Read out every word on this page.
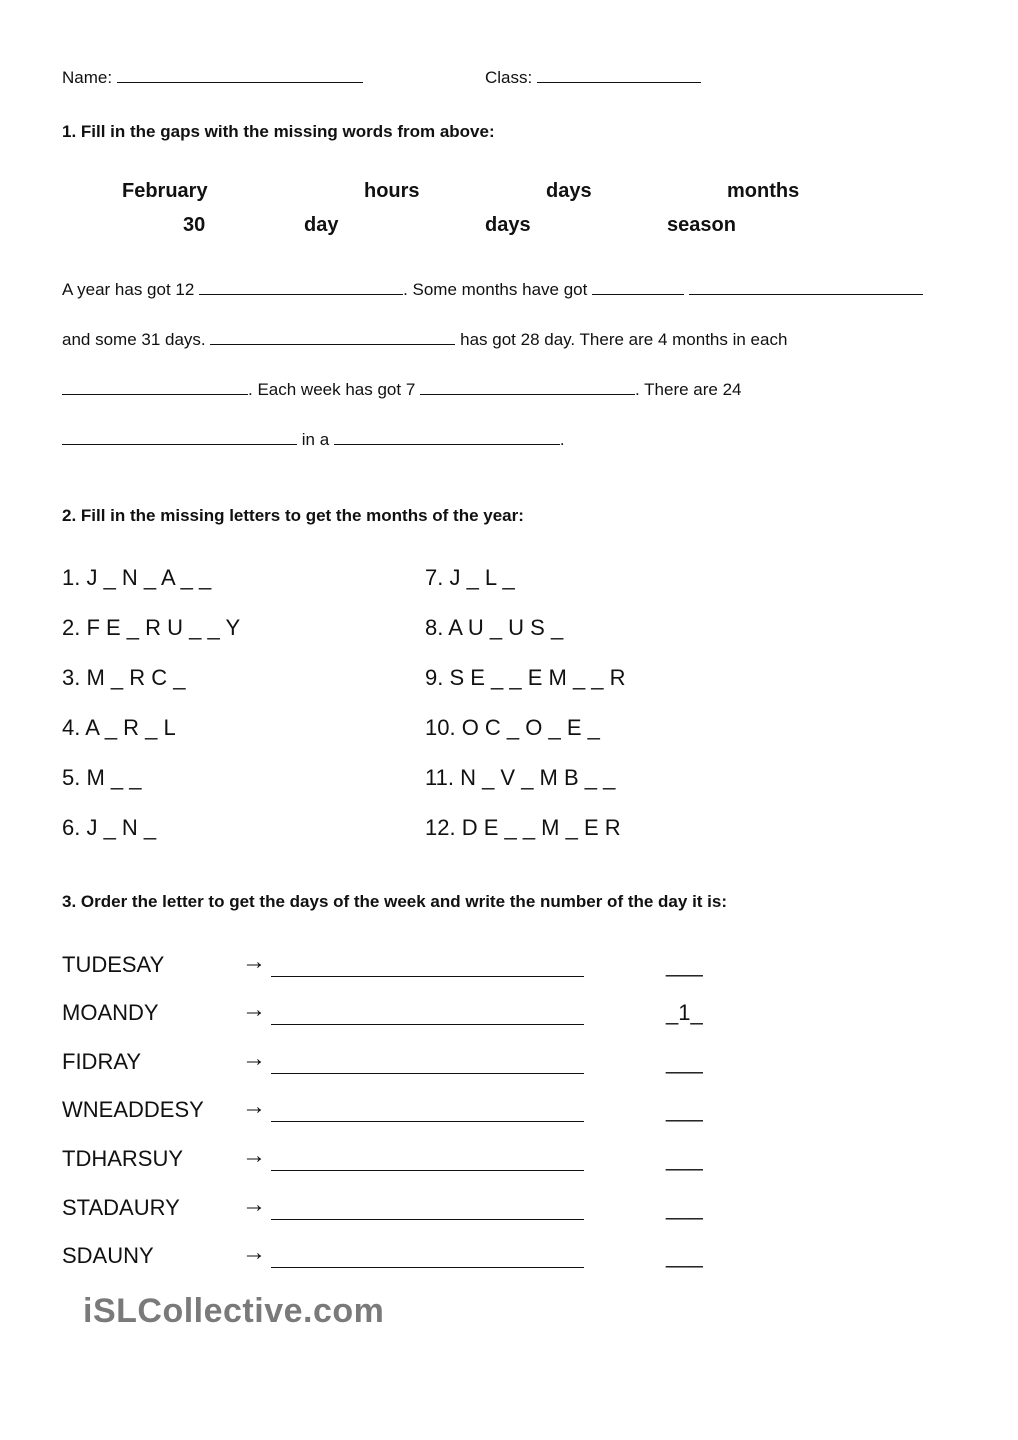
Name:	Class:
1. Fill in the gaps with the missing words from above:
February	hours	days	months
30	day	days	season
A year has got 12	. Some months have got
and some 31 days.	has got 28 day. There are 4 months in each
. Each week has got 7	. There are 24
in a	.
2. Fill in the missing letters to get the months of the year:
1. J _ N _ A _ _
2. F E _ R U _ _ Y
3. M _ R C _
4. A _ R _ L
5. M _ _
6. J _ N _
7. J _ L _
8. A U _ U S _
9. S E _ _ E M _ _ R
10. O C _ O _ E _
11. N _ V _ M B _ _
12. D E _ _ M _ E R
3. Order the letter to get the days of the week and write the number of the day it is:
TUDESAY	→	___
MOANDY	→	_1_
FIDRAY	→	___
WNEADDESY →	___
TDHARSUY →	___
STADAURY	→	___
SDAUNY	→	___
iSLCollective.com
